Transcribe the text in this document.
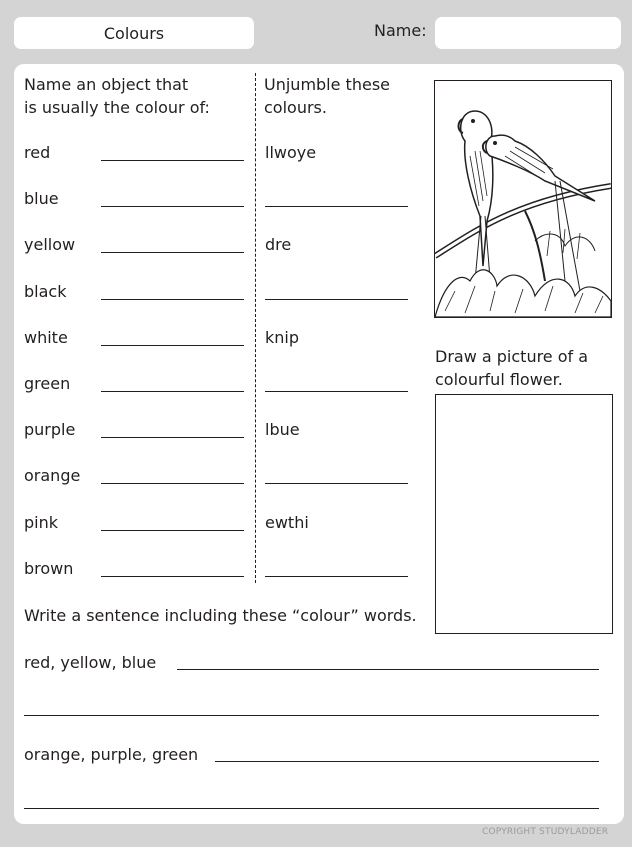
Colours	Name:
Name an object that
is usually the colour of:
Unjumble these
colours.
red	llwoye
blue
yellow	dre
black
white	knip
green
purple	lbue
orange
pink	ewthi
brown
Draw a picture of a
colourful flower.
Write a sentence including these “colour” words.
red, yellow, blue
orange, purple, green
COPYRIGHT STUDYLADDER
